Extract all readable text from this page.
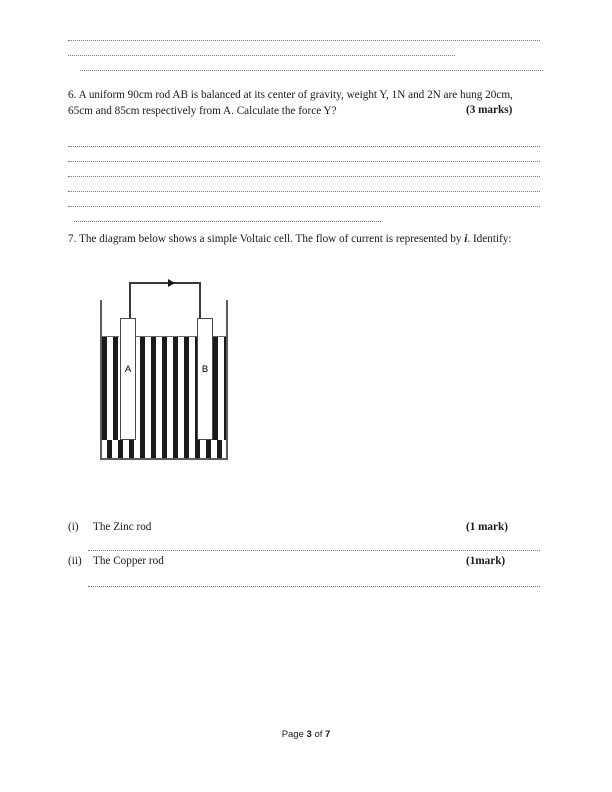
6. A uniform 90cm rod AB is balanced at its center of gravity, weight Y, 1N and 2N are hung 20cm,
65cm and 85cm respectively from A. Calculate the force Y?	(3 marks)
7. The diagram below shows a simple Voltaic cell. The flow of current is represented by i. Identify:
A	B
(i) The Zinc rod	(1 mark)
(ii) The Copper rod	(1mark)
Page 3 of 7
